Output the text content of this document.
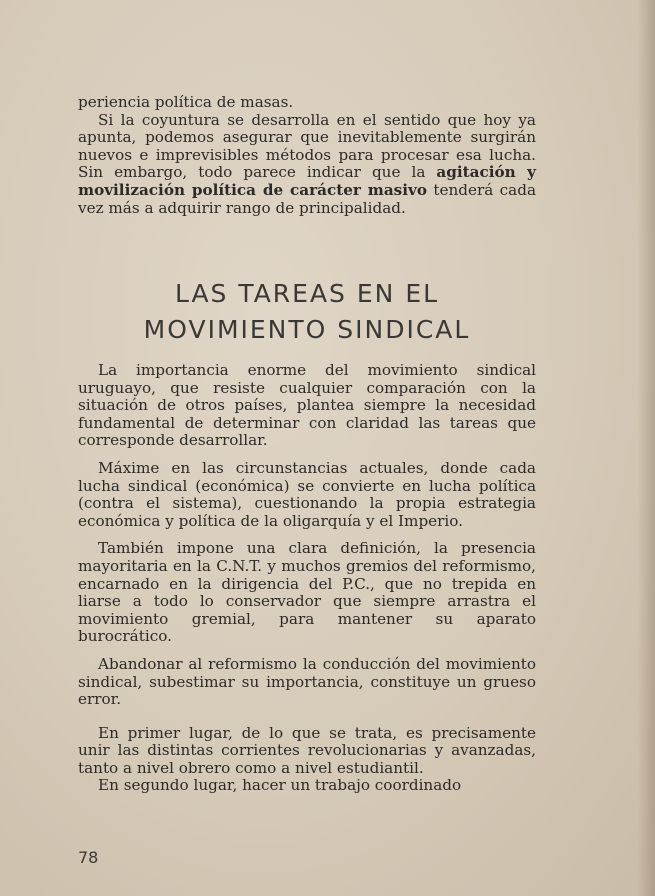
periencia política de masas.

Si la coyuntura se desarrolla en el sentido que hoy ya apunta, podemos asegurar que inevitablemente surgirán nuevos e imprevisibles métodos para procesar esa lucha. Sin embargo, todo parece indicar que la agitación y movilización política de carácter masivo tenderá cada vez más a adquirir rango de principalidad.

LAS TAREAS EN EL
MOVIMIENTO SINDICAL

La importancia enorme del movimiento sindical uruguayo, que resiste cualquier comparación con la situación de otros países, plantea siempre la necesidad fundamental de determinar con claridad las tareas que corresponde desarrollar.

Máxime en las circunstancias actuales, donde cada lucha sindical (económica) se convierte en lucha política (contra el sistema), cuestionando la propia estrategia económica y política de la oligarquía y el Imperio.

También impone una clara definición, la presencia mayoritaria en la C.N.T. y muchos gremios del reformismo, encarnado en la dirigencia del P.C., que no trepida en liarse a todo lo conservador que siempre arrastra el movimiento gremial, para mantener su aparato burocrático.

Abandonar al reformismo la conducción del movimiento sindical, subestimar su importancia, constituye un grueso error.

En primer lugar, de lo que se trata, es precisamente unir las distintas corrientes revolucionarias y avanzadas, tanto a nivel obrero como a nivel estudiantil.

En segundo lugar, hacer un trabajo coordinado

78
